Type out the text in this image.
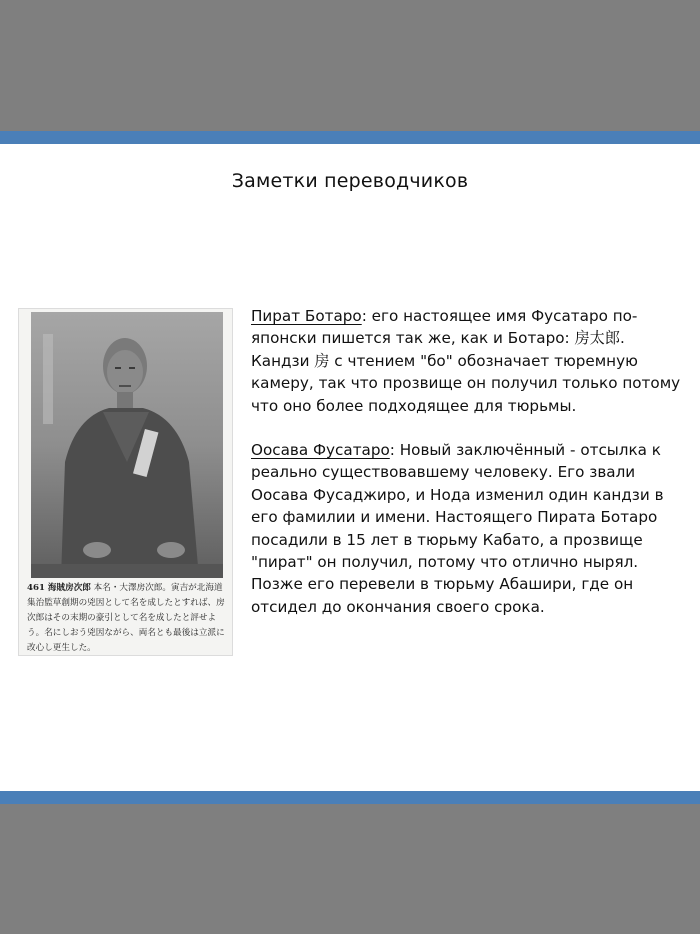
Заметки переводчиков
461 海賊房次郎 本名・大澤房次郎。寅吉が北海道集治監草創期の兇因として名を成したとすれば、房次郎はその末期の豪引として名を成したと評せよう。名にしおう兇因ながら、両名とも最後は立派に改心し更生した。

Пират Ботаро: его настоящее имя Фусатаро по-японски пишется так же, как и Ботаро: 房太郎. Кандзи 房 с чтением "бо" обозначает тюремную камеру, так что прозвище он получил только потому что оно более подходящее для тюрьмы.

Оосава Фусатаро: Новый заключённый - отсылка к реально существовавшему человеку. Его звали Оосава Фусаджиро, и Нода изменил один кандзи в его фамилии и имени. Настоящего Пирата Ботаро посадили в 15 лет в тюрьму Кабато, а прозвище "пират" он получил, потому что отлично нырял. Позже его перевели в тюрьму Абашири, где он отсидел до окончания своего срока.
